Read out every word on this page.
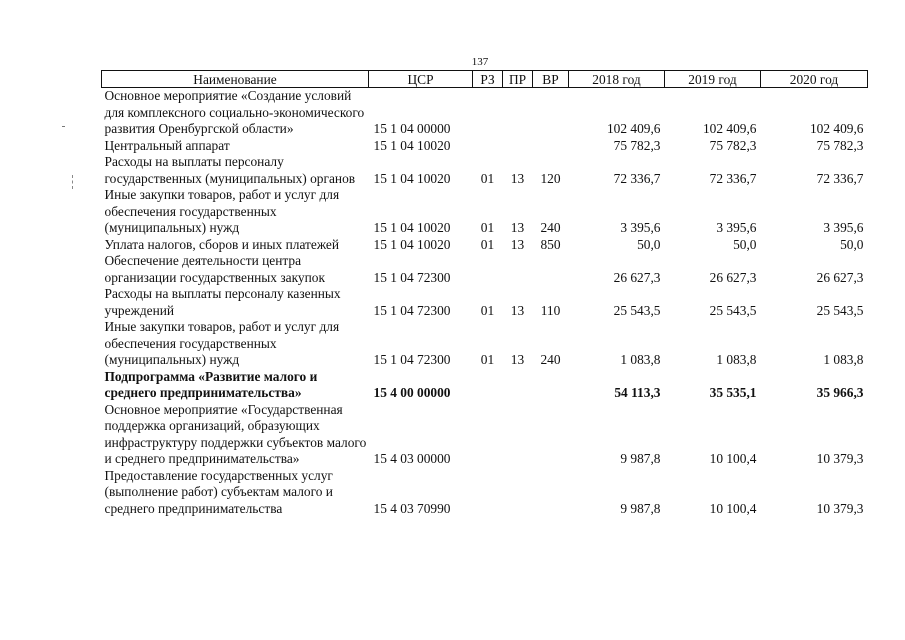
137
Наименование	ЦСР	РЗ	ПР	ВР	2018 год	2019 год	2020 год
Основное мероприятие «Создание условий для комплексного социально-экономического развития Оренбургской области»	15 1 04 00000				102 409,6	102 409,6	102 409,6
Центральный аппарат	15 1 04 10020				75 782,3	75 782,3	75 782,3
Расходы на выплаты персоналу государственных (муниципальных) органов	15 1 04 10020	01	13	120	72 336,7	72 336,7	72 336,7
Иные закупки товаров, работ и услуг для обеспечения государственных (муниципальных) нужд	15 1 04 10020	01	13	240	3 395,6	3 395,6	3 395,6
Уплата налогов, сборов и иных платежей	15 1 04 10020	01	13	850	50,0	50,0	50,0
Обеспечение деятельности центра организации государственных закупок	15 1 04 72300				26 627,3	26 627,3	26 627,3
Расходы на выплаты персоналу казенных учреждений	15 1 04 72300	01	13	110	25 543,5	25 543,5	25 543,5
Иные закупки товаров, работ и услуг для обеспечения государственных (муниципальных) нужд	15 1 04 72300	01	13	240	1 083,8	1 083,8	1 083,8
Подпрограмма «Развитие малого и среднего предпринимательства»	15 4 00 00000				54 113,3	35 535,1	35 966,3
Основное мероприятие «Государственная поддержка организаций, образующих инфраструктуру поддержки субъектов малого и среднего предпринимательства»	15 4 03 00000				9 987,8	10 100,4	10 379,3
Предоставление государственных услуг (выполнение работ) субъектам малого и среднего предпринимательства	15 4 03 70990				9 987,8	10 100,4	10 379,3
